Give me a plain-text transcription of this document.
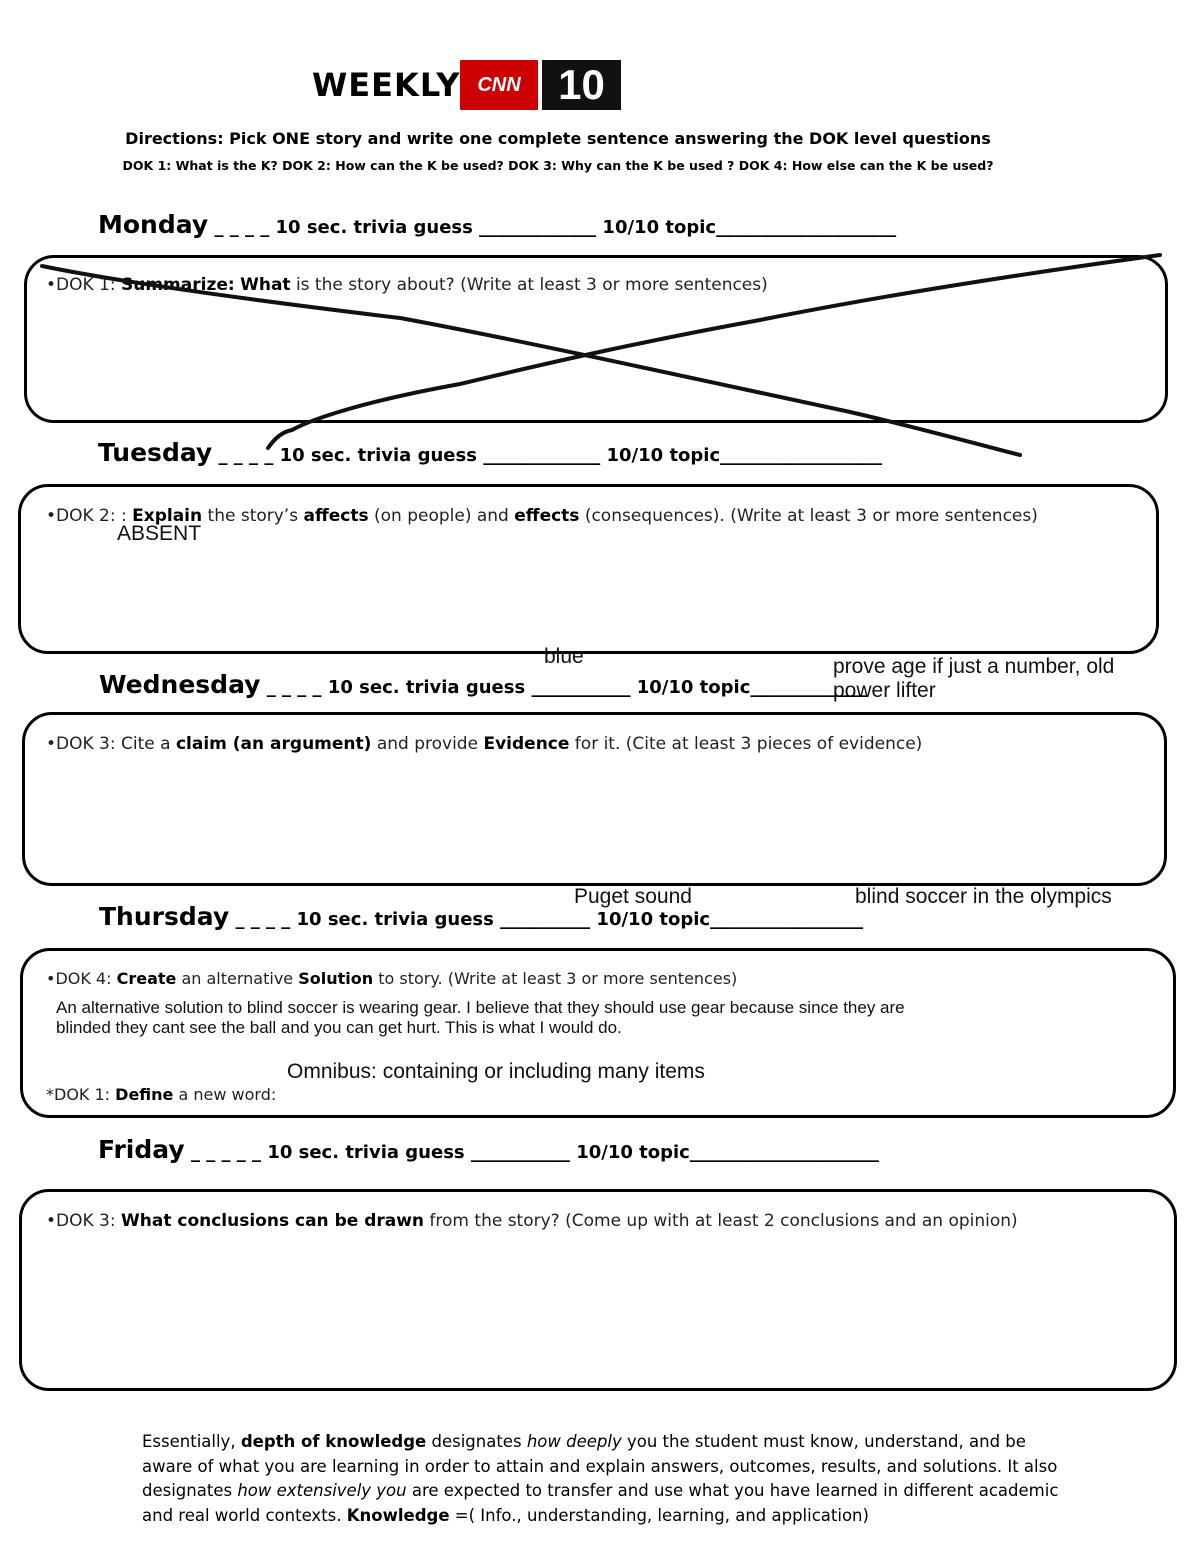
WEEKLY CNN 10
Directions: Pick ONE story and write one complete sentence answering the DOK level questions
DOK 1: What is the K? DOK 2: How can the K be used? DOK 3: Why can the K be used ? DOK 4: How else can the K be used?
Monday _ _ _ _ 10 sec. trivia guess _____________ 10/10 topic____________________
•DOK 1: Summarize: What is the story about? (Write at least 3 or more sentences)
Tuesday _ _ _ _ 10 sec. trivia guess _____________ 10/10 topic__________________
•DOK 2: : Explain the story’s affects (on people) and effects (consequences). (Write at least 3 or more sentences)
ABSENT
blue	prove age if just a number, old
power lifter
Wednesday _ _ _ _ 10 sec. trivia guess ___________ 10/10 topic_____________
•DOK 3: Cite a claim (an argument) and provide Evidence for it. (Cite at least 3 pieces of evidence)
Puget sound	blind soccer in the olympics
Thursday _ _ _ _ 10 sec. trivia guess __________ 10/10 topic_________________
•DOK 4: Create an alternative Solution to story. (Write at least 3 or more sentences)
An alternative solution to blind soccer is wearing gear. I believe that they should use gear because since they are
blinded they cant see the ball and you can get hurt. This is what I would do.
Omnibus: containing or including many items
*DOK 1: Define a new word:
Friday _ _ _ _ _ 10 sec. trivia guess ___________ 10/10 topic_____________________
•DOK 3: What conclusions can be drawn from the story? (Come up with at least 2 conclusions and an opinion)
Essentially, depth of knowledge designates how deeply you the student must know, understand, and be aware of what you are learning in order to attain and explain answers, outcomes, results, and solutions. It also designates how extensively you are expected to transfer and use what you have learned in different academic and real world contexts. Knowledge =( Info., understanding, learning, and application)
